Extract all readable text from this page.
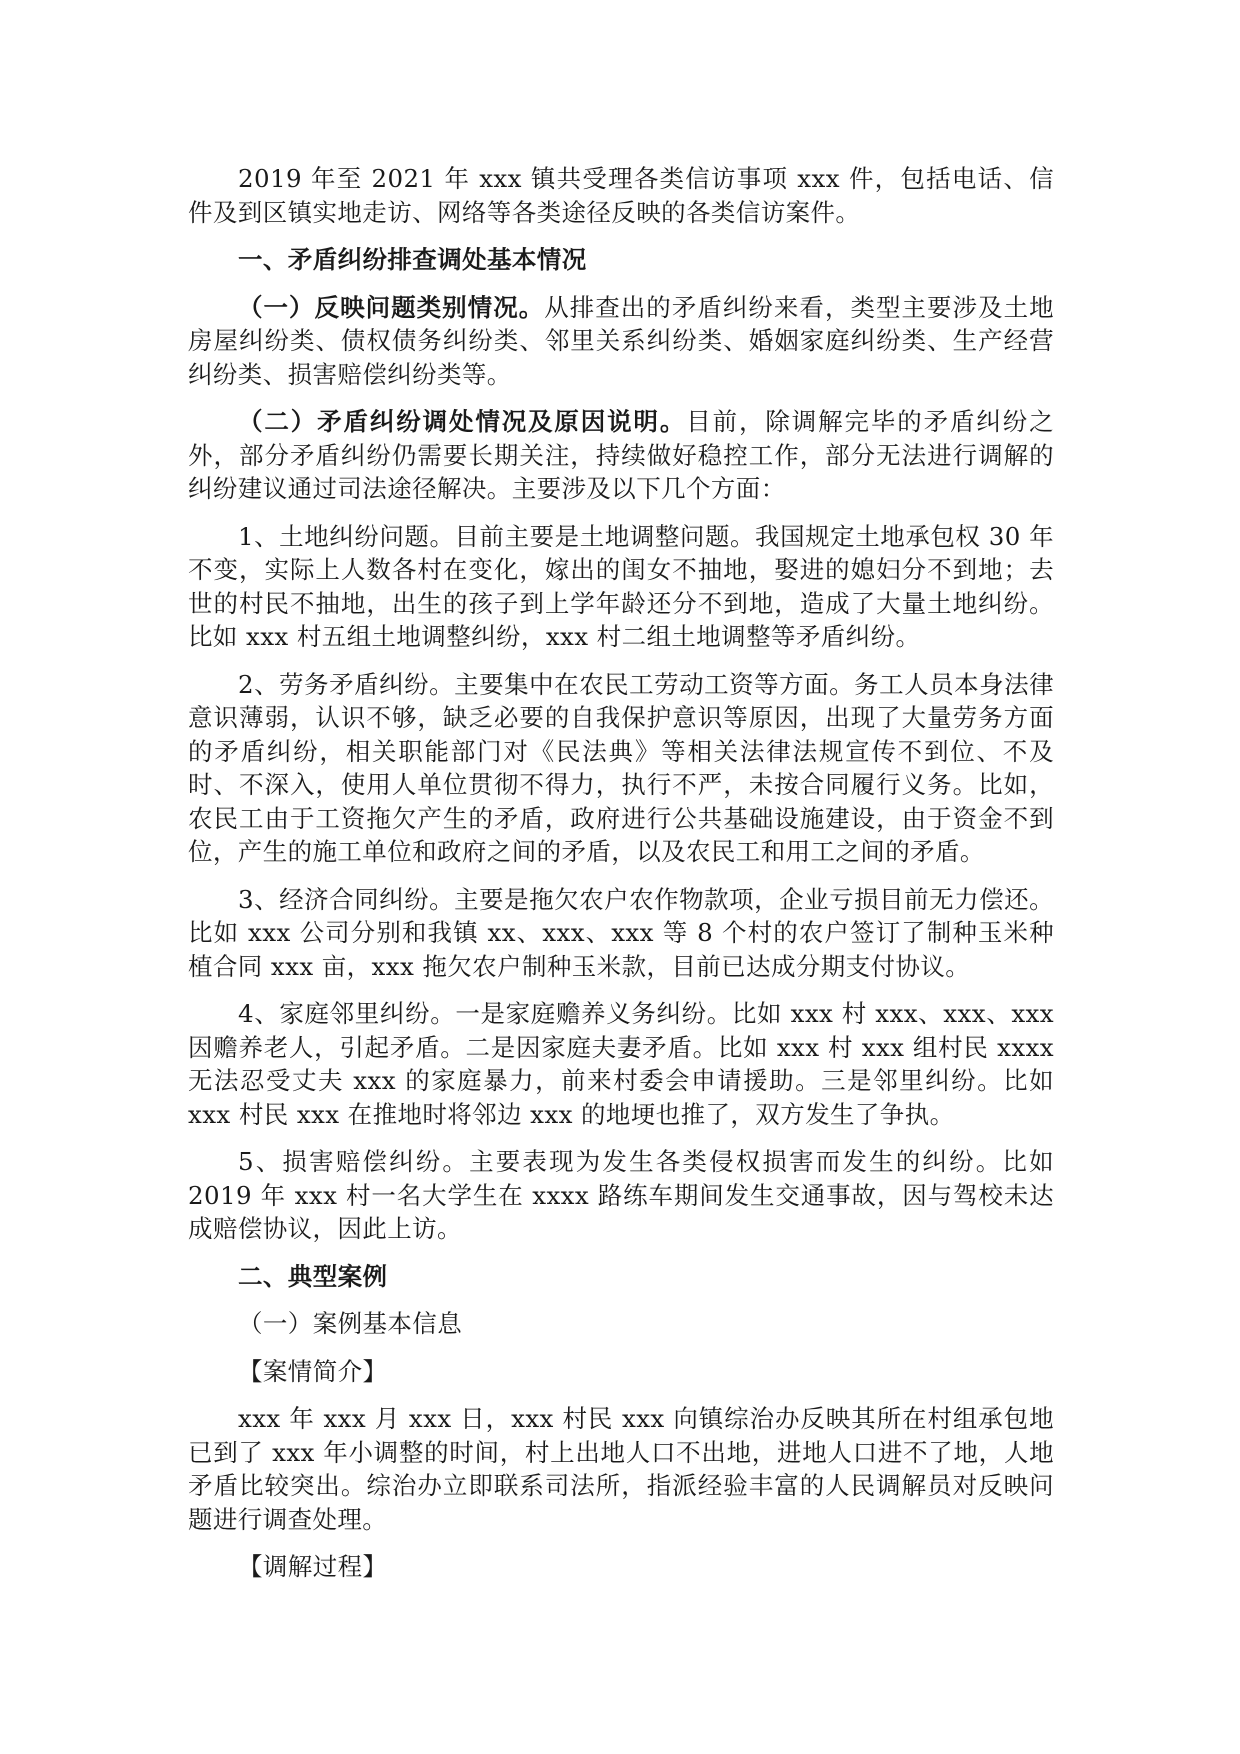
2019 年至 2021 年 xxx 镇共受理各类信访事项 xxx 件，包括电话、信件及到区镇实地走访、网络等各类途径反映的各类信访案件。

一、矛盾纠纷排查调处基本情况

（一）反映问题类别情况。从排查出的矛盾纠纷来看，类型主要涉及土地房屋纠纷类、债权债务纠纷类、邻里关系纠纷类、婚姻家庭纠纷类、生产经营纠纷类、损害赔偿纠纷类等。

（二）矛盾纠纷调处情况及原因说明。目前，除调解完毕的矛盾纠纷之外，部分矛盾纠纷仍需要长期关注，持续做好稳控工作，部分无法进行调解的纠纷建议通过司法途径解决。主要涉及以下几个方面：

1、土地纠纷问题。目前主要是土地调整问题。我国规定土地承包权 30 年不变，实际上人数各村在变化，嫁出的闺女不抽地，娶进的媳妇分不到地；去世的村民不抽地，出生的孩子到上学年龄还分不到地，造成了大量土地纠纷。比如 xxx 村五组土地调整纠纷，xxx 村二组土地调整等矛盾纠纷。

2、劳务矛盾纠纷。主要集中在农民工劳动工资等方面。务工人员本身法律意识薄弱，认识不够，缺乏必要的自我保护意识等原因，出现了大量劳务方面的矛盾纠纷，相关职能部门对《民法典》等相关法律法规宣传不到位、不及时、不深入，使用人单位贯彻不得力，执行不严，未按合同履行义务。比如，农民工由于工资拖欠产生的矛盾，政府进行公共基础设施建设，由于资金不到位，产生的施工单位和政府之间的矛盾，以及农民工和用工之间的矛盾。

3、经济合同纠纷。主要是拖欠农户农作物款项，企业亏损目前无力偿还。比如 xxx 公司分别和我镇 xx、xxx、xxx 等 8 个村的农户签订了制种玉米种植合同 xxx 亩，xxx 拖欠农户制种玉米款，目前已达成分期支付协议。

4、家庭邻里纠纷。一是家庭赡养义务纠纷。比如 xxx 村 xxx、xxx、xxx 因赡养老人，引起矛盾。二是因家庭夫妻矛盾。比如 xxx 村 xxx 组村民 xxxx 无法忍受丈夫 xxx 的家庭暴力，前来村委会申请援助。三是邻里纠纷。比如 xxx 村民 xxx 在推地时将邻边 xxx 的地埂也推了，双方发生了争执。

5、损害赔偿纠纷。主要表现为发生各类侵权损害而发生的纠纷。比如 2019 年 xxx 村一名大学生在 xxxx 路练车期间发生交通事故，因与驾校未达成赔偿协议，因此上访。

二、典型案例

（一）案例基本信息

【案情简介】

xxx 年 xxx 月 xxx 日，xxx 村民 xxx 向镇综治办反映其所在村组承包地已到了 xxx 年小调整的时间，村上出地人口不出地，进地人口进不了地，人地矛盾比较突出。综治办立即联系司法所，指派经验丰富的人民调解员对反映问题进行调查处理。

【调解过程】
